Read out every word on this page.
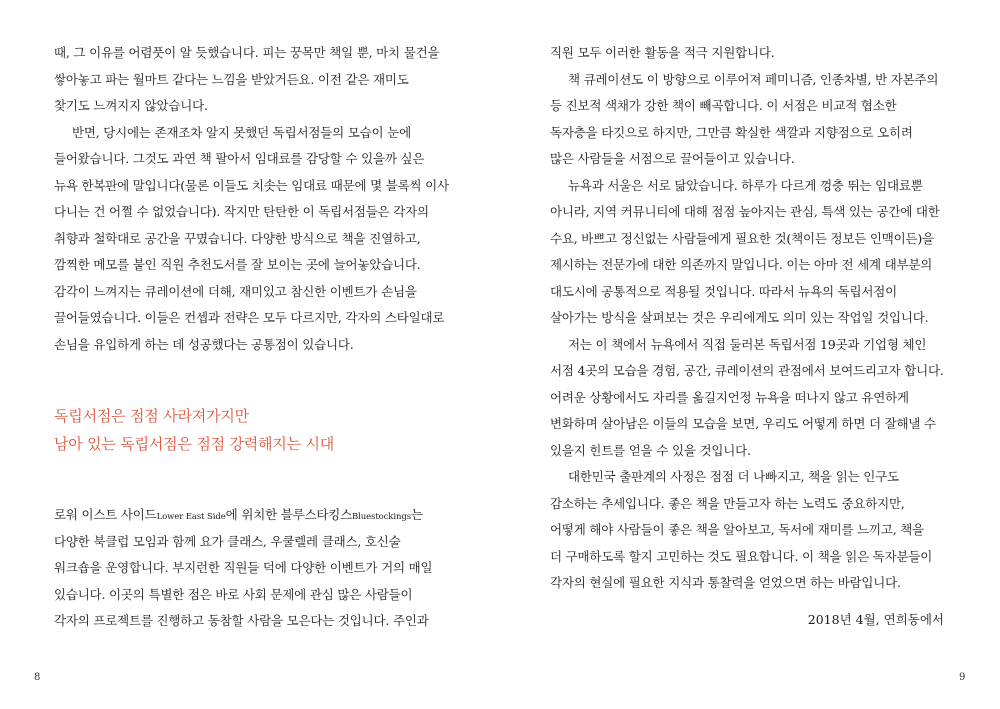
때, 그 이유를 어렴풋이 알 듯했습니다. 피는 꿍목만 책일 뿐, 마치 물건을
쌓아놓고 파는 월마트 같다는 느낌을 받았거든요. 이전 같은 재미도
찾기도 느껴지지 않았습니다.
반면, 당시에는 존재조차 알지 못했던 독립서점들의 모습이 눈에
들어왔습니다. 그것도 과연 책 팔아서 임대료를 감당할 수 있을까 싶은
뉴욕 한복판에 말입니다(물론 이들도 치솟는 임대료 때문에 몇 블록씩 이사
다니는 건 어쩔 수 없었습니다). 작지만 탄탄한 이 독립서점들은 각자의
취향과 철학대로 공간을 꾸몄습니다. 다양한 방식으로 책을 진열하고,
깜찍한 메모를 붙인 직원 추천도서를 잘 보이는 곳에 늘어놓았습니다.
감각이 느껴지는 큐레이션에 더해, 재미있고 참신한 이벤트가 손님을
끌어들였습니다. 이들은 컨셉과 전략은 모두 다르지만, 각자의 스타일대로
손님을 유입하게 하는 데 성공했다는 공통점이 있습니다.
독립서점은 점점 사라져가지만
남아 있는 독립서점은 점점 강력해지는 시대
로워 이스트 사이드Lower East Side에 위치한 블루스타킹스Bluestockings는
다양한 북클럽 모임과 함께 요가 클래스, 우쿨렐레 클래스, 호신술
워크숍을 운영합니다. 부지런한 직원들 덕에 다양한 이벤트가 거의 매일
있습니다. 이곳의 특별한 점은 바로 사회 문제에 관심 많은 사람들이
각자의 프로젝트를 진행하고 동참할 사람을 모은다는 것입니다. 주인과
8
직원 모두 이러한 활동을 적극 지원합니다.
책 큐레이션도 이 방향으로 이루어져 페미니즘, 인종차별, 반 자본주의
등 진보적 색채가 강한 책이 빼곡합니다. 이 서점은 비교적 협소한
독자층을 타깃으로 하지만, 그만큼 확실한 색깔과 지향점으로 오히려
많은 사람들을 서점으로 끌어들이고 있습니다.
뉴욕과 서울은 서로 닮았습니다. 하루가 다르게 껑충 뛰는 임대료뿐
아니라, 지역 커뮤니티에 대해 점점 높아지는 관심, 특색 있는 공간에 대한
수요, 바쁘고 정신없는 사람들에게 필요한 것(책이든 정보든 인맥이든)을
제시하는 전문가에 대한 의존까지 말입니다. 이는 아마 전 세계 대부분의
대도시에 공통적으로 적용될 것입니다. 따라서 뉴욕의 독립서점이
살아가는 방식을 살펴보는 것은 우리에게도 의미 있는 작업일 것입니다.
저는 이 책에서 뉴욕에서 직접 둘러본 독립서점 19곳과 기업형 체인
서점 4곳의 모습을 경험, 공간, 큐레이션의 관점에서 보여드리고자 합니다.
어려운 상황에서도 자리를 옮길지언정 뉴욕을 떠나지 않고 유연하게
변화하며 살아남은 이들의 모습을 보면, 우리도 어떻게 하면 더 잘해낼 수
있을지 힌트를 얻을 수 있을 것입니다.
대한민국 출판계의 사정은 점점 더 나빠지고, 책을 읽는 인구도
감소하는 추세입니다. 좋은 책을 만들고자 하는 노력도 중요하지만,
어떻게 해야 사람들이 좋은 책을 알아보고, 독서에 재미를 느끼고, 책을
더 구매하도록 할지 고민하는 것도 필요합니다. 이 책을 읽은 독자분들이
각자의 현실에 필요한 지식과 통찰력을 얻었으면 하는 바람입니다.
2018년 4월, 연희동에서
9
